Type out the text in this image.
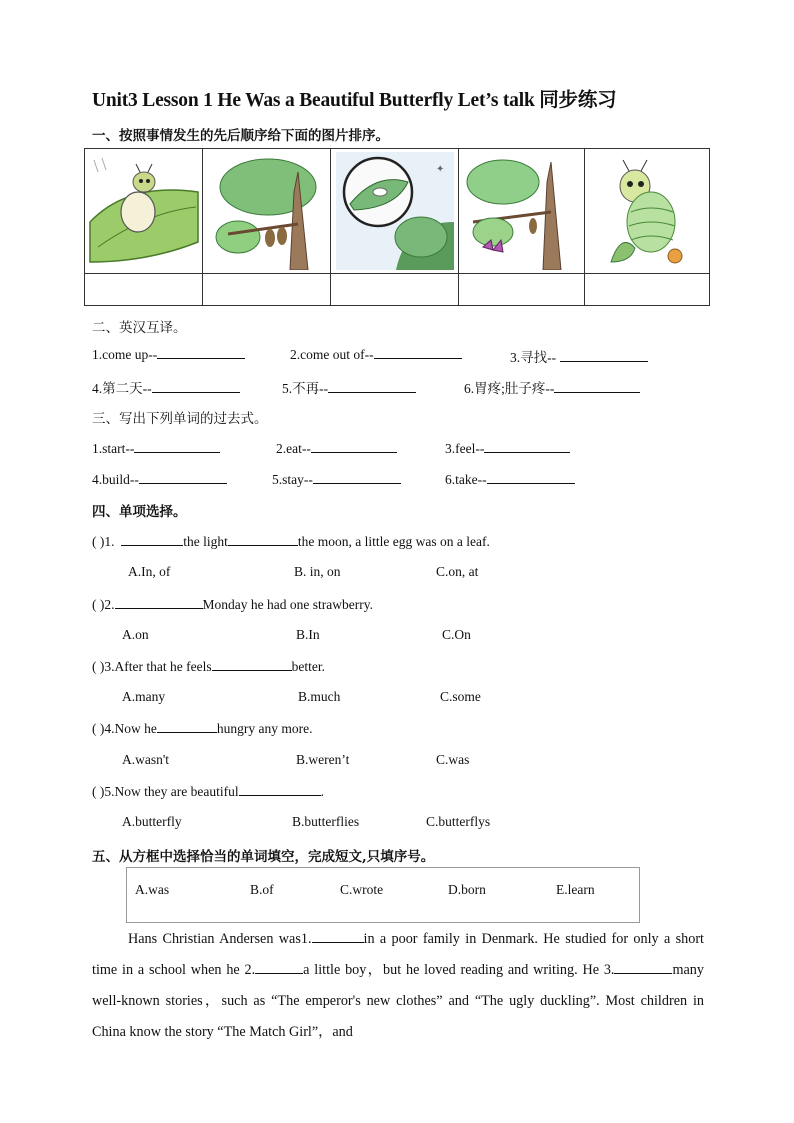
Unit3 Lesson 1 He Was a Beautiful Butterfly Let’s talk 同步练习
一、按照事情发生的先后顺序给下面的图片排序。

✦

二、英汉互译。
1.come up--	2.come out of--	3.寻找--
4.第二天--	5.不再--	6.胃疼;肚子疼--
三、写出下列单词的过去式。
1.start--	2.eat--	3.feel--
4.build--	5.stay--	6.take--
四、单项选择。
( )1.	the light	the moon, a little egg was on a leaf.
A.In, of	B. in, on	C.on, at
( )2.	Monday he had one strawberry.
A.on	B.In	C.On
( )3.After that he feels	better.
A.many	B.much	C.some
( )4.Now he	hungry any more.
A.wasn't	B.weren’t	C.was
( )5.Now they are beautiful	.
A.butterfly	B.butterflies	C.butterflys
五、从方框中选择恰当的单词填空，完成短文,只填序号。
A.was	B.of	C.wrote	D.born	E.learn

Hans Christian Andersen was1.	in a poor family in Denmark. He studied for only a short time in a school when he 2.	a little boy，but he loved reading and writing. He 3.	many well-known stories，such as “The emperor's new clothes” and “The ugly duckling”. Most children in China know the story “The Match Girl”，and
